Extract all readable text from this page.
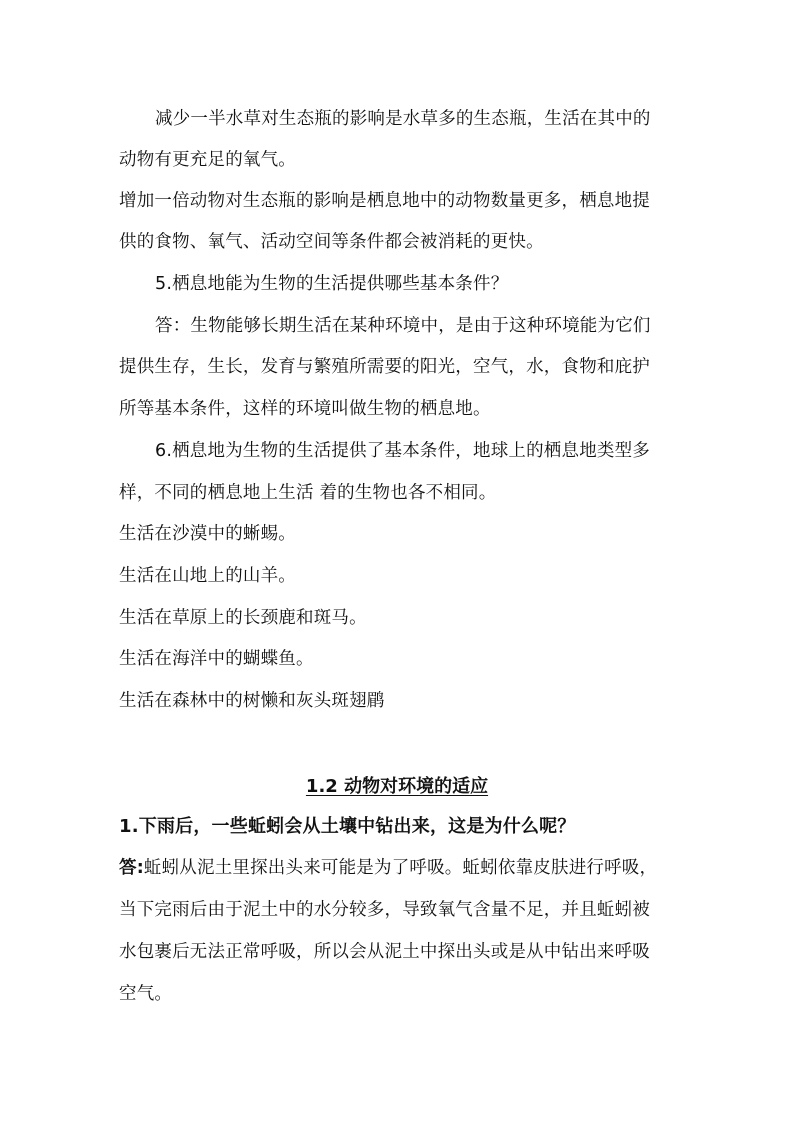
减少一半水草对生态瓶的影响是水草多的生态瓶，生活在其中的
动物有更充足的氧气。
增加一倍动物对生态瓶的影响是栖息地中的动物数量更多，栖息地提
供的食物、氧气、活动空间等条件都会被消耗的更快。
5.栖息地能为生物的生活提供哪些基本条件？
答：生物能够长期生活在某种环境中，是由于这种环境能为它们
提供生存，生长，发育与繁殖所需要的阳光，空气，水，食物和庇护
所等基本条件，这样的环境叫做生物的栖息地。
6.栖息地为生物的生活提供了基本条件，地球上的栖息地类型多
样，不同的栖息地上生活 着的生物也各不相同。
生活在沙漠中的蜥蜴。
生活在山地上的山羊。
生活在草原上的长颈鹿和斑马。
生活在海洋中的蝴蝶鱼。
生活在森林中的树懒和灰头斑翅鹛
1.2 动物对环境的适应
1.下雨后，一些蚯蚓会从土壤中钻出来，这是为什么呢？
答:蚯蚓从泥土里探出头来可能是为了呼吸。蚯蚓依靠皮肤进行呼吸，
当下完雨后由于泥土中的水分较多，导致氧气含量不足，并且蚯蚓被
水包裹后无法正常呼吸，所以会从泥土中探出头或是从中钻出来呼吸
空气。
